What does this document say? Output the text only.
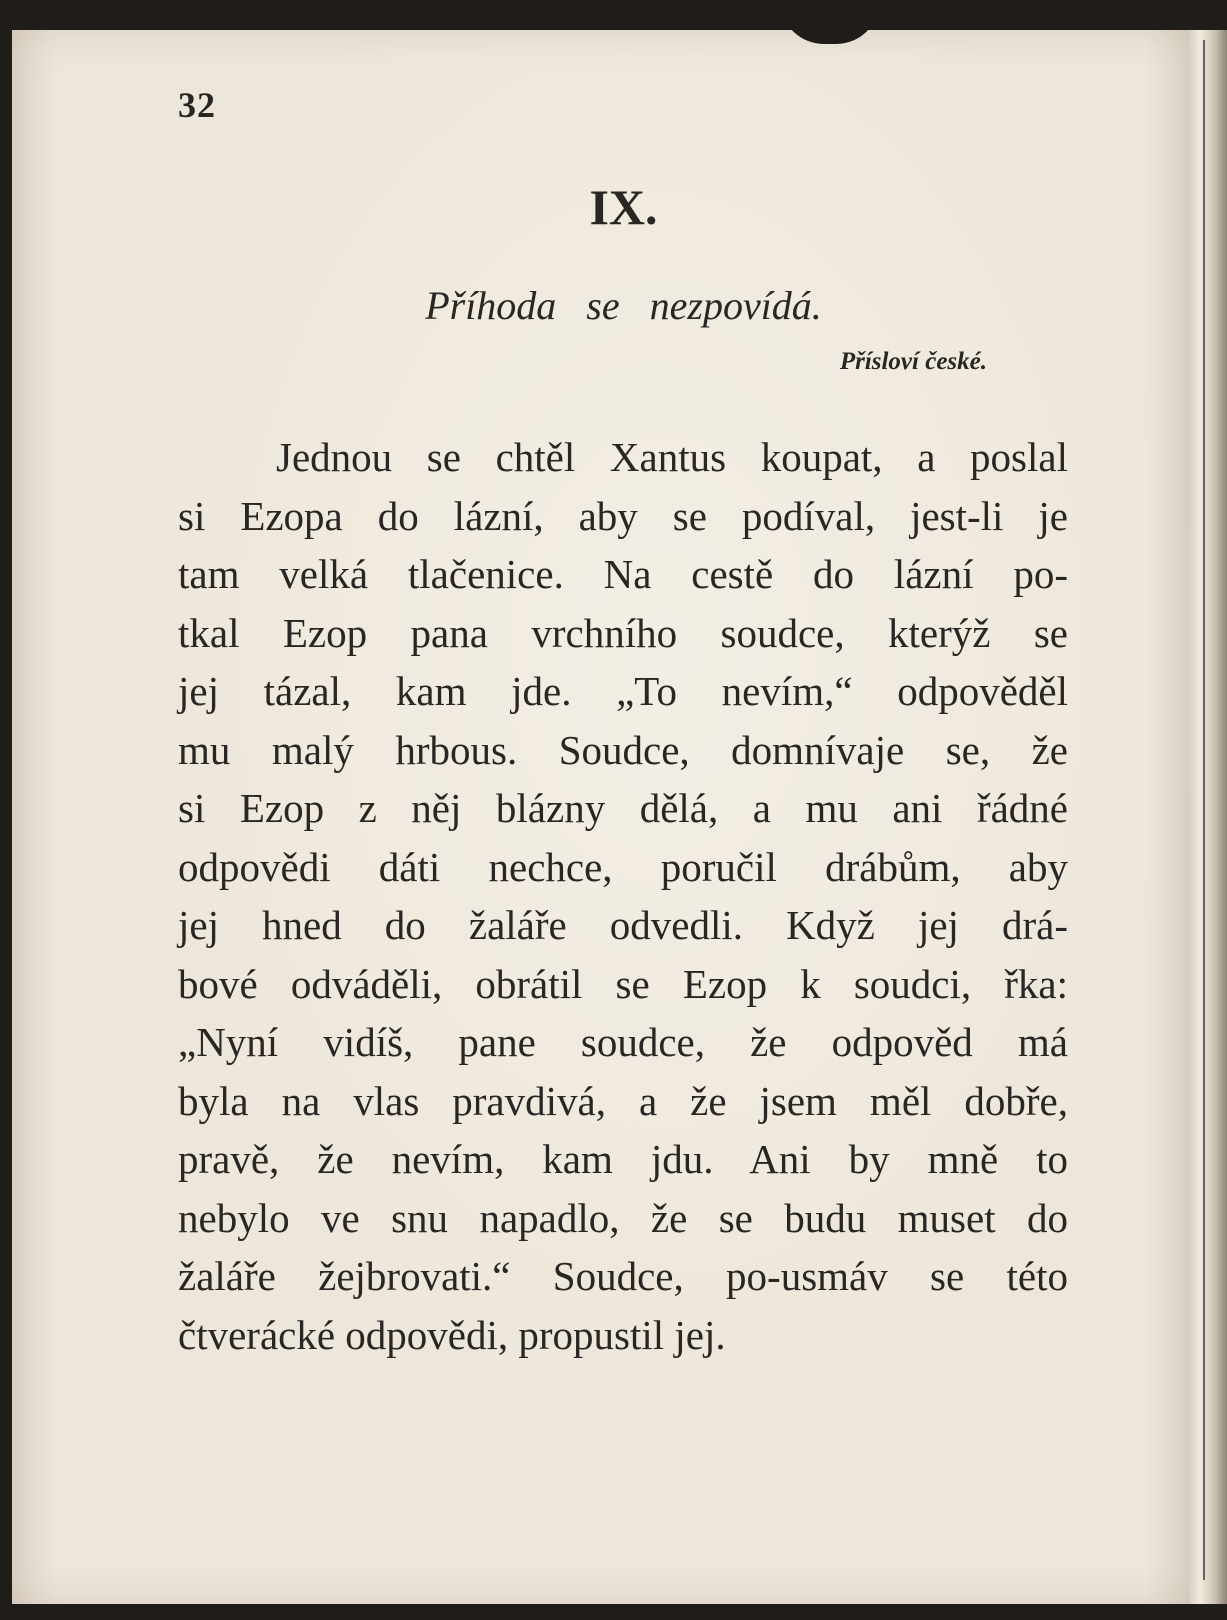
32
IX.
Příhoda se nezpovídá.
Přísloví české.
Jednou se chtěl Xantus koupat, a poslal
si Ezopa do lázní, aby se podíval, jest-li je
tam velká tlačenice. Na cestě do lázní po-
tkal Ezop pana vrchního soudce, kterýž se
jej tázal, kam jde. „To nevím,“ odpověděl
mu malý hrbous. Soudce, domnívaje se, že
si Ezop z něj blázny dělá, a mu ani řádné
odpovědi dáti nechce, poručil drábům, aby
jej hned do žaláře odvedli. Když jej drá-
bové odváděli, obrátil se Ezop k soudci, řka:
„Nyní vidíš, pane soudce, že odpověd má
byla na vlas pravdivá, a že jsem měl dobře,
pravě, že nevím, kam jdu. Ani by mně to
nebylo ve snu napadlo, že se budu muset do
žaláře žejbrovati.“ Soudce, po-usmáv se této
čtverácké odpovědi, propustil jej.
